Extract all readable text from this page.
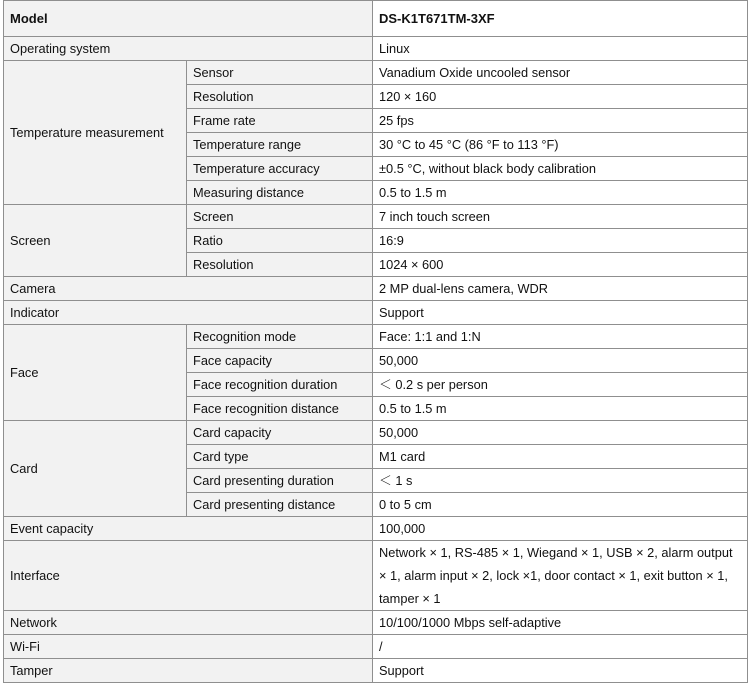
Model		DS-K1T671TM-3XF
Operating system		Linux
Temperature measurement	Sensor	Vanadium Oxide uncooled sensor
	Resolution	120 × 160
	Frame rate	25 fps
	Temperature range	30 °C to 45 °C (86 °F to 113 °F)
	Temperature accuracy	±0.5 °C, without black body calibration
	Measuring distance	0.5 to 1.5 m
Screen	Screen	7 inch touch screen
	Ratio	16:9
	Resolution	1024 × 600
Camera		2 MP dual-lens camera, WDR
Indicator		Support
Face	Recognition mode	Face: 1:1 and 1:N
	Face capacity	50,000
	Face recognition duration	＜ 0.2 s per person
	Face recognition distance	0.5 to 1.5 m
Card	Card capacity	50,000
	Card type	M1 card
	Card presenting duration	＜ 1 s
	Card presenting distance	0 to 5 cm
Event capacity		100,000
Interface		Network × 1, RS-485 × 1, Wiegand × 1, USB × 2, alarm output × 1, alarm input × 2, lock ×1, door contact × 1, exit button × 1, tamper × 1
Network		10/100/1000 Mbps self-adaptive
Wi-Fi		/
Tamper		Support
